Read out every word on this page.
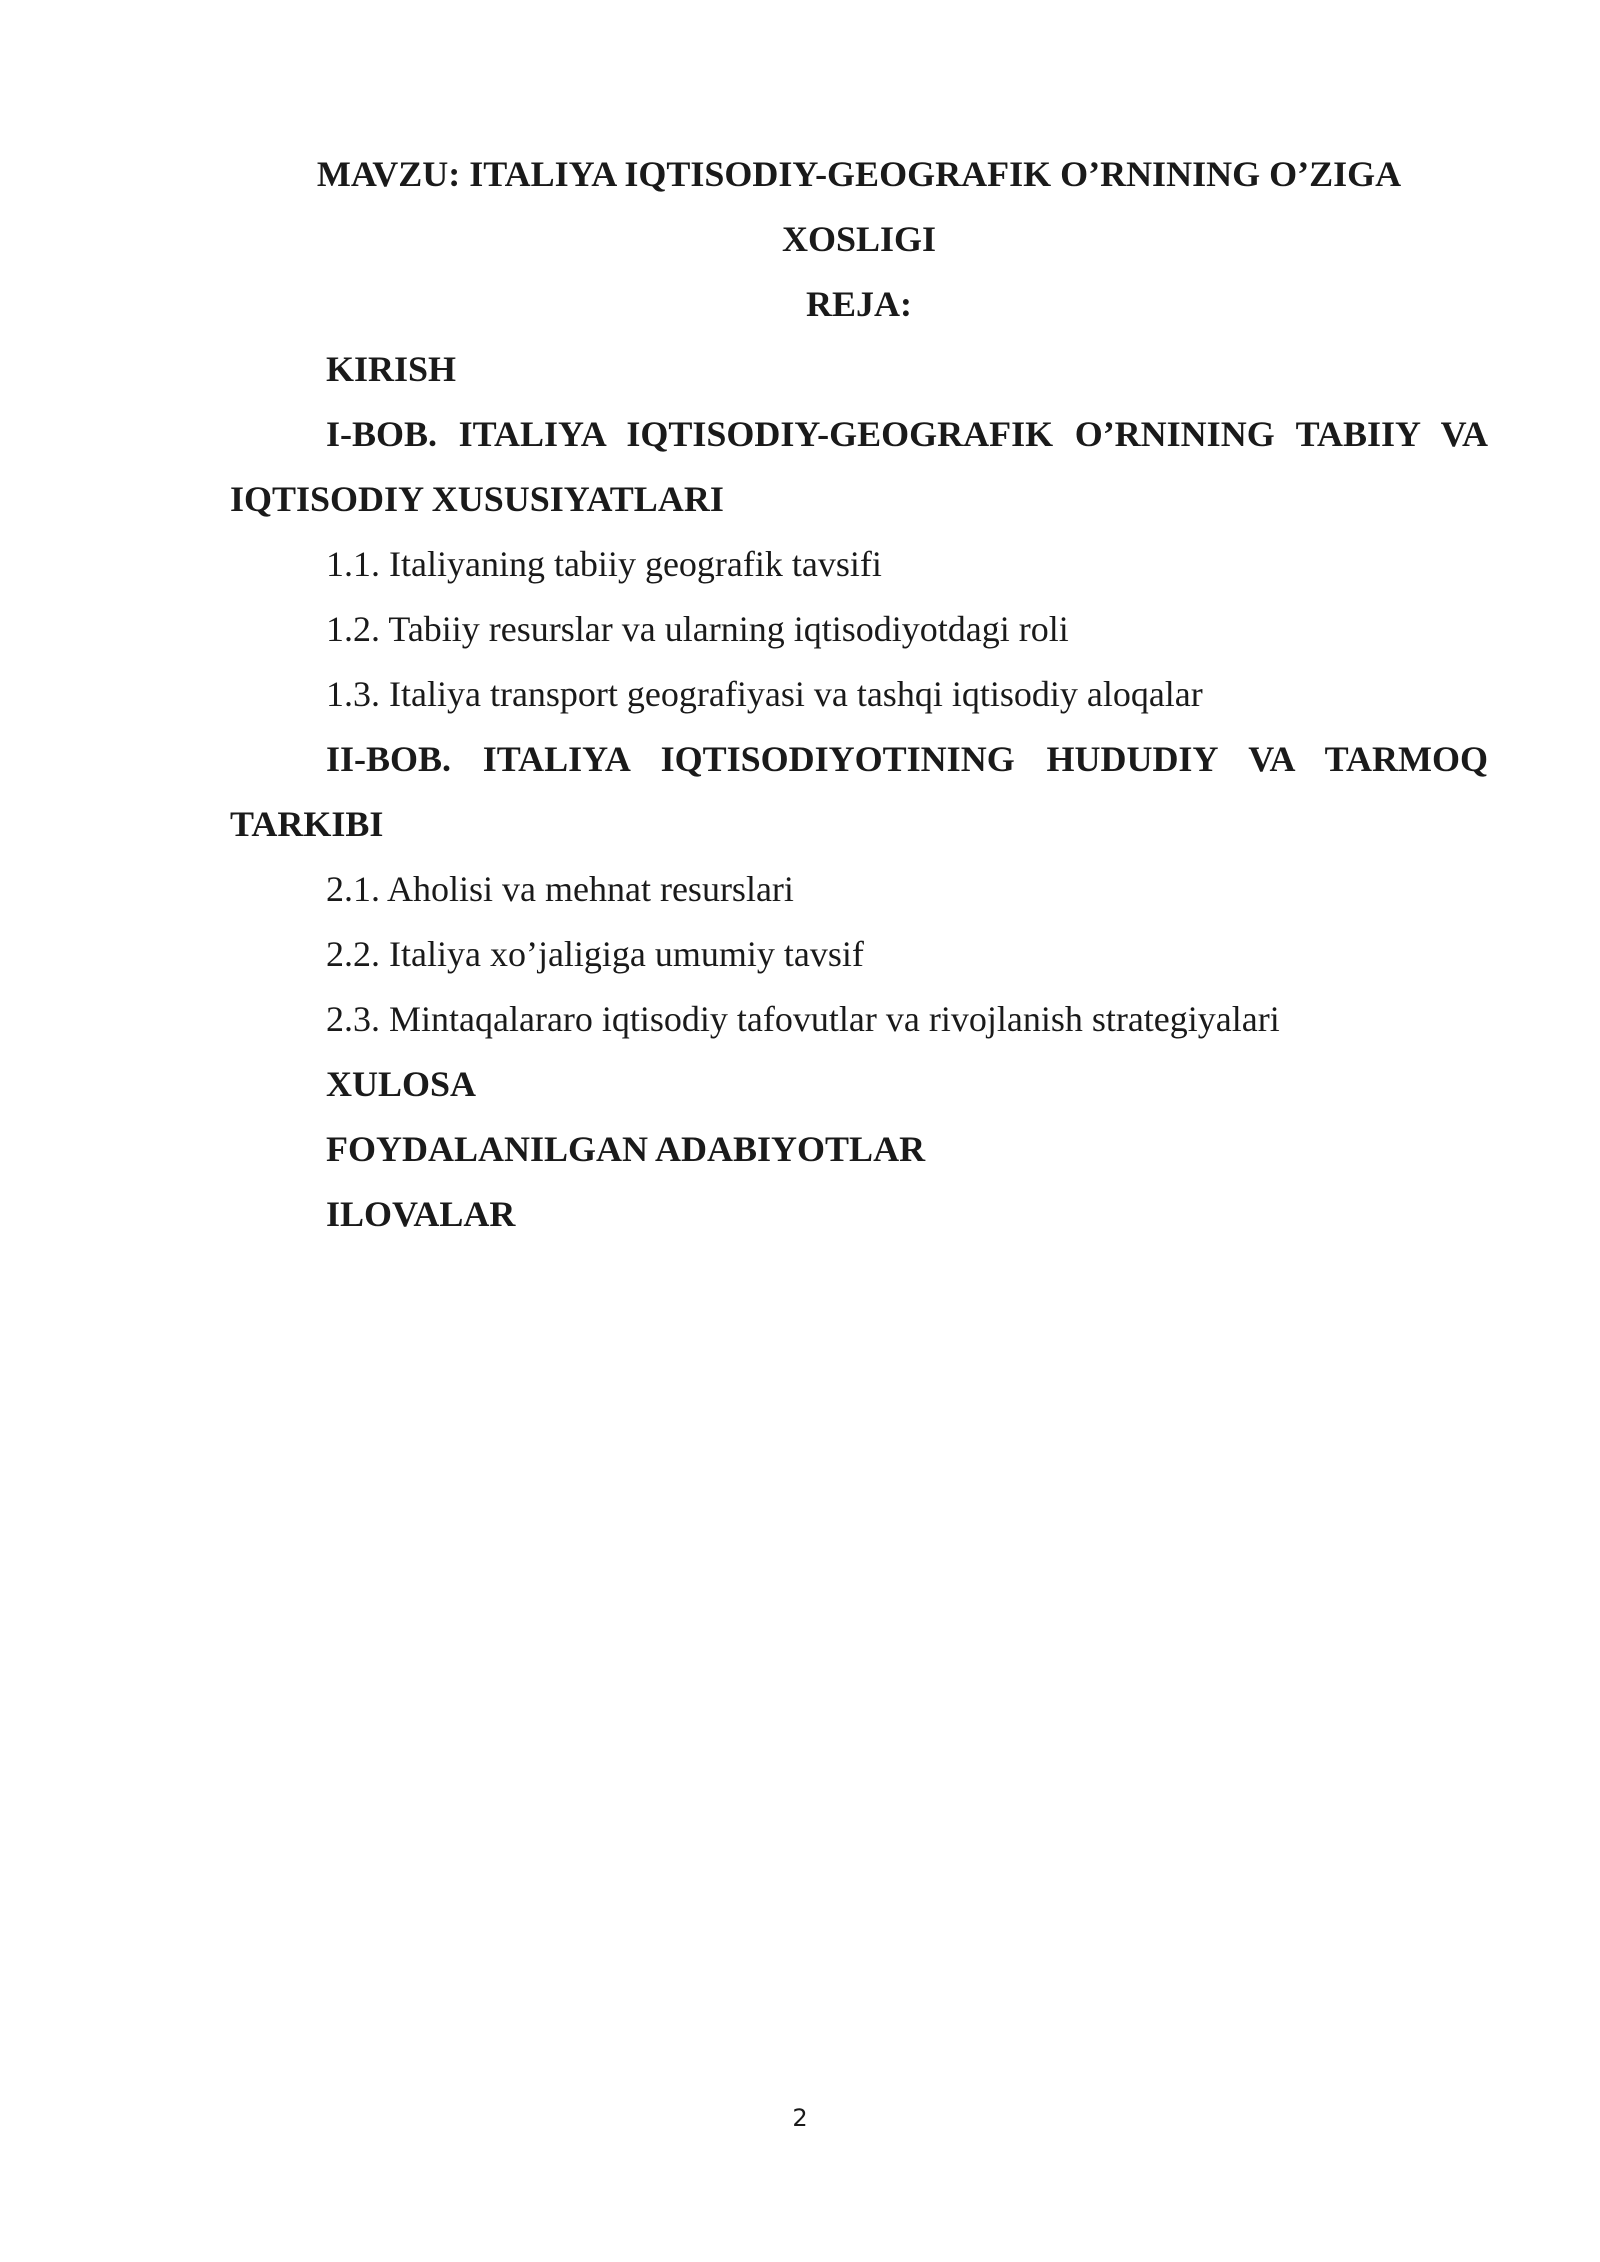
MAVZU: ITALIYA IQTISODIY-GEOGRAFIK O’RNINING O’ZIGA

XOSLIGI

REJA:

KIRISH

I-BOB. ITALIYA IQTISODIY-GEOGRAFIK O’RNINING TABIIY VA IQTISODIY XUSUSIYATLARI

1.1. Italiyaning tabiiy geografik tavsifi

1.2. Tabiiy resurslar va ularning iqtisodiyotdagi roli

1.3. Italiya transport geografiyasi va tashqi iqtisodiy aloqalar

II-BOB. ITALIYA IQTISODIYOTINING HUDUDIY VA TARMOQ TARKIBI

2.1. Aholisi va mehnat resurslari

2.2. Italiya xo’jaligiga umumiy tavsif

2.3. Mintaqalararo iqtisodiy tafovutlar va rivojlanish strategiyalari

XULOSA

FOYDALANILGAN ADABIYOTLAR

ILOVALAR

2
